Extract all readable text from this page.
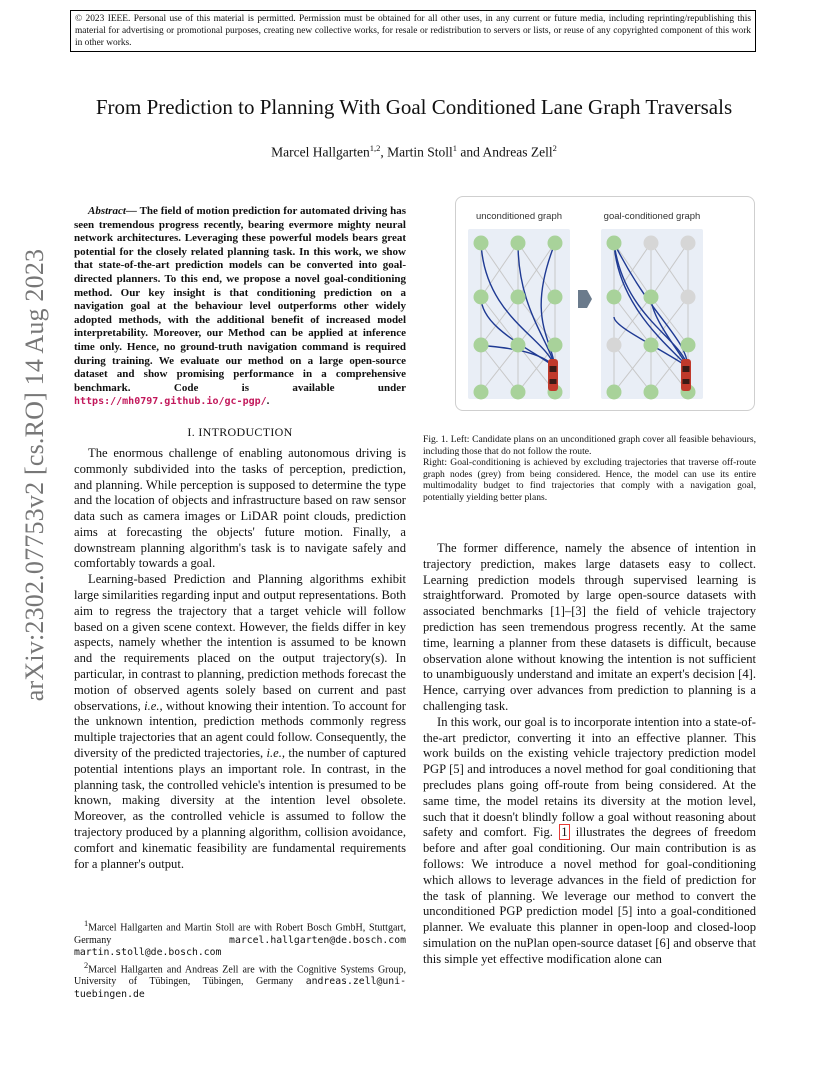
© 2023 IEEE. Personal use of this material is permitted. Permission must be obtained for all other uses, in any current or future media, including reprinting/republishing this material for advertising or promotional purposes, creating new collective works, for resale or redistribution to servers or lists, or reuse of any copyrighted component of this work in other works.
arXiv:2302.07753v2 [cs.RO] 14 Aug 2023
From Prediction to Planning With Goal Conditioned Lane Graph Traversals
Marcel Hallgarten$^{1,2}$, Martin Stoll$^1$ and Andreas Zell$^2$

Abstract— The field of motion prediction for automated driving has seen tremendous progress recently, bearing evermore mighty neural network architectures. Leveraging these powerful models bears great potential for the closely related planning task. In this work, we show that state-of-the-art prediction models can be converted into goal-directed planners. To this end, we propose a novel goal-conditioning method. Our key insight is that conditioning prediction on a navigation goal at the behaviour level outperforms other widely adopted methods, with the additional benefit of increased model interpretability. Moreover, our Method can be applied at inference time only. Hence, no ground-truth navigation command is required during training. We evaluate our method on a large open-source dataset and show promising performance in a comprehensive benchmark. Code is available under https://mh0797.github.io/gc-pgp/.

I. INTRODUCTION

The enormous challenge of enabling autonomous driving is commonly subdivided into the tasks of perception, prediction, and planning. While perception is supposed to determine the type and the location of objects and infrastructure based on raw sensor data such as camera images or LiDAR point clouds, prediction aims at forecasting the objects' future motion. Finally, a downstream planning algorithm's task is to navigate safely and comfortably towards a goal.

Learning-based Prediction and Planning algorithms exhibit large similarities regarding input and output representations. Both aim to regress the trajectory that a target vehicle will follow based on a given scene context. However, the fields differ in key aspects, namely whether the intention is assumed to be known and the requirements placed on the output trajectory(s). In particular, in contrast to planning, prediction methods forecast the motion of observed agents solely based on current and past observations, i.e., without knowing their intention. To account for the unknown intention, prediction methods commonly regress multiple trajectories that an agent could follow. Consequently, the diversity of the predicted trajectories, i.e., the number of captured potential intentions plays an important role. In contrast, in the planning task, the controlled vehicle's intention is presumed to be known, making diversity at the intention level obsolete. Moreover, as the controlled vehicle is assumed to follow the trajectory produced by a planning algorithm, collision avoidance, comfort and kinematic feasibility are fundamental requirements for a planner's output.

$^1$Marcel Hallgarten and Martin Stoll are with Robert Bosch GmbH, Stuttgart, Germany marcel.hallgarten@de.bosch.com martin.stoll@de.bosch.com

$^2$Marcel Hallgarten and Andreas Zell are with the Cognitive Systems Group, University of Tübingen, Tübingen, Germany andreas.zell@uni-tuebingen.de

unconditioned graph	goal-conditioned graph

Fig. 1. Left: Candidate plans on an unconditioned graph cover all feasible behaviours, including those that do not follow the route.

Right: Goal-conditioning is achieved by excluding trajectories that traverse off-route graph nodes (grey) from being considered. Hence, the model can use its entire multimodality budget to find trajectories that comply with a navigation goal, potentially yielding better plans.

The former difference, namely the absence of intention in trajectory prediction, makes large datasets easy to collect. Learning prediction models through supervised learning is straightforward. Promoted by large open-source datasets with associated benchmarks [1]–[3] the field of vehicle trajectory prediction has seen tremendous progress recently. At the same time, learning a planner from these datasets is difficult, because observation alone without knowing the intention is not sufficient to unambiguously understand and imitate an expert's decision [4]. Hence, carrying over advances from prediction to planning is a challenging task.

In this work, our goal is to incorporate intention into a state-of-the-art predictor, converting it into an effective planner. This work builds on the existing vehicle trajectory prediction model PGP [5] and introduces a novel method for goal conditioning that precludes plans going off-route from being considered. At the same time, the model retains its diversity at the motion level, such that it doesn't blindly follow a goal without reasoning about safety and comfort. Fig. 1 illustrates the degrees of freedom before and after goal conditioning. Our main contribution is as follows: We introduce a novel method for goal-conditioning which allows to leverage advances in the field of prediction for the task of planning. We leverage our method to convert the unconditioned PGP prediction model [5] into a goal-conditioned planner. We evaluate this planner in open-loop and closed-loop simulation on the nuPlan open-source dataset [6] and observe that this simple yet effective modification alone can
